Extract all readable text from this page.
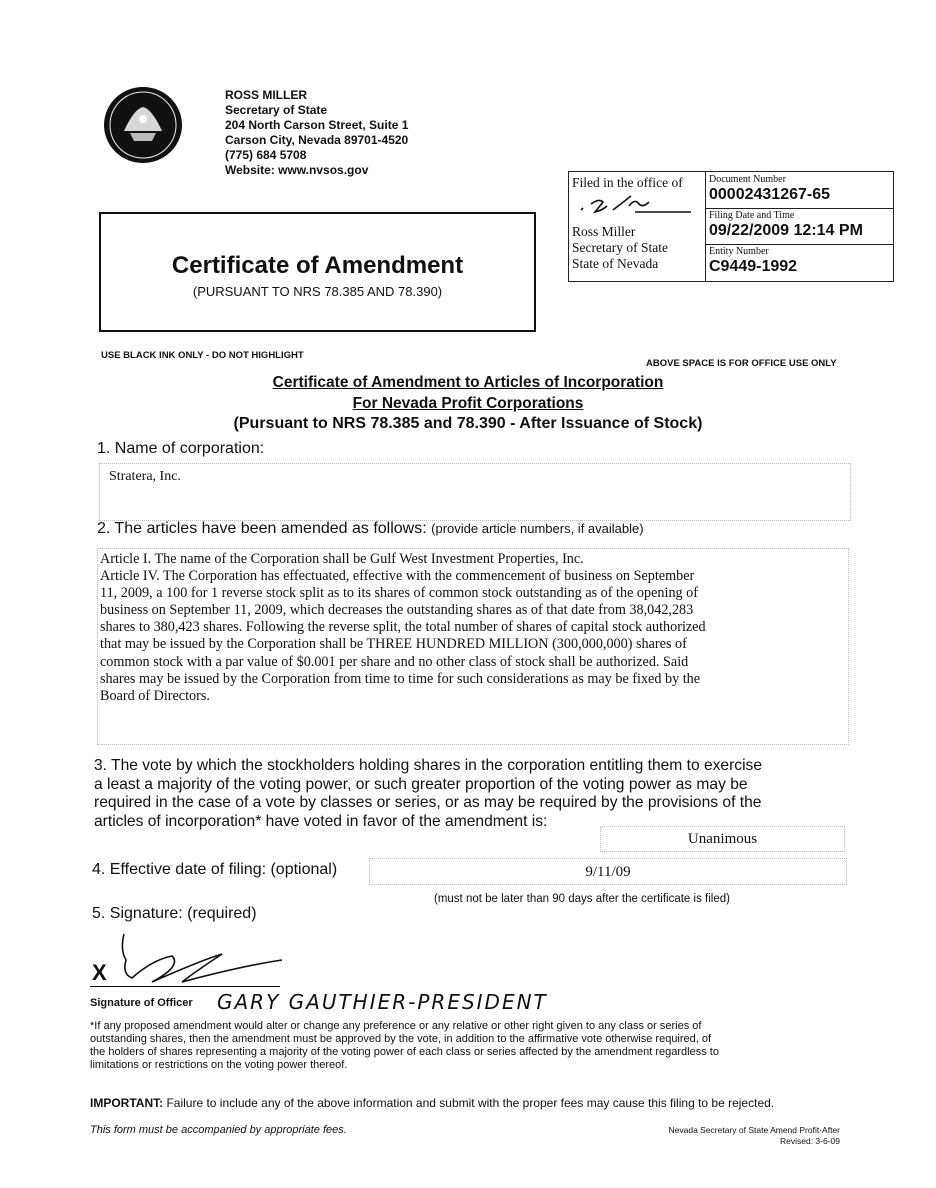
ROSS MILLER
Secretary of State
204 North Carson Street, Suite 1
Carson City, Nevada 89701-4520
(775) 684 5708
Website: www.nvsos.gov
Certificate of Amendment
(PURSUANT TO NRS 78.385 AND 78.390)
Filed in the office of
Ross Miller
Secretary of State
State of Nevada
Document Number
00002431267-65
Filing Date and Time
09/22/2009 12:14 PM
Entity Number
C9449-1992
USE BLACK INK ONLY - DO NOT HIGHLIGHT
ABOVE SPACE IS FOR OFFICE USE ONLY
Certificate of Amendment to Articles of Incorporation
For Nevada Profit Corporations
(Pursuant to NRS 78.385 and 78.390 - After Issuance of Stock)
1. Name of corporation:
Stratera, Inc.
2. The articles have been amended as follows: (provide article numbers, if available)
Article I. The name of the Corporation shall be Gulf West Investment Properties, Inc.
Article IV. The Corporation has effectuated, effective with the commencement of business on September
11, 2009, a 100 for 1 reverse stock split as to its shares of common stock outstanding as of the opening of
business on September 11, 2009, which decreases the outstanding shares as of that date from 38,042,283
shares to 380,423 shares. Following the reverse split, the total number of shares of capital stock authorized
that may be issued by the Corporation shall be THREE HUNDRED MILLION (300,000,000) shares of
common stock with a par value of $0.001 per share and no other class of stock shall be authorized. Said
shares may be issued by the Corporation from time to time for such considerations as may be fixed by the
Board of Directors.
3. The vote by which the stockholders holding shares in the corporation entitling them to exercise
a least a majority of the voting power, or such greater proportion of the voting power as may be
required in the case of a vote by classes or series, or as may be required by the provisions of the
articles of incorporation* have voted in favor of the amendment is:
Unanimous
4. Effective date of filing: (optional)	9/11/09
(must not be later than 90 days after the certificate is filed)
5. Signature: (required)
X
Signature of Officer GARY GAUTHIER-PRESIDENT
*If any proposed amendment would alter or change any preference or any relative or other right given to any class or series of
outstanding shares, then the amendment must be approved by the vote, in addition to the affirmative vote otherwise required, of
the holders of shares representing a majority of the voting power of each class or series affected by the amendment regardless to
limitations or restrictions on the voting power thereof.
IMPORTANT: Failure to include any of the above information and submit with the proper fees may cause this filing to be rejected.
This form must be accompanied by appropriate fees.	Nevada Secretary of State Amend Profit-After
Revised: 3-6-09
